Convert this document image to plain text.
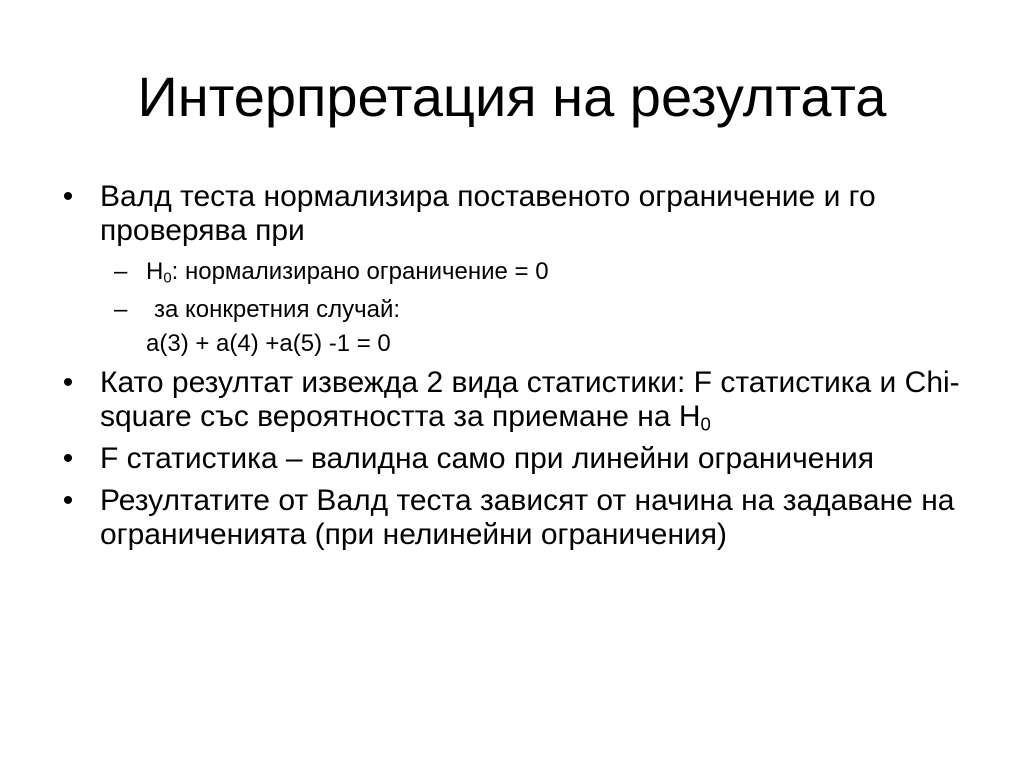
Интерпретация на резултата
• Валд теста нормализира поставеното ограничение и го проверява при
– $H_0$: нормализирано ограничение = 0
– за конкретния случай:
a(3) + a(4) +a(5) -1 = 0
• Като резултат извежда 2 вида статистики: F статистика и Chi-square със вероятността за приемане на $H_0$
• F статистика – валидна само при линейни ограничения
• Резултатите от Валд теста зависят от начина на задаване на ограниченията (при нелинейни ограничения)
